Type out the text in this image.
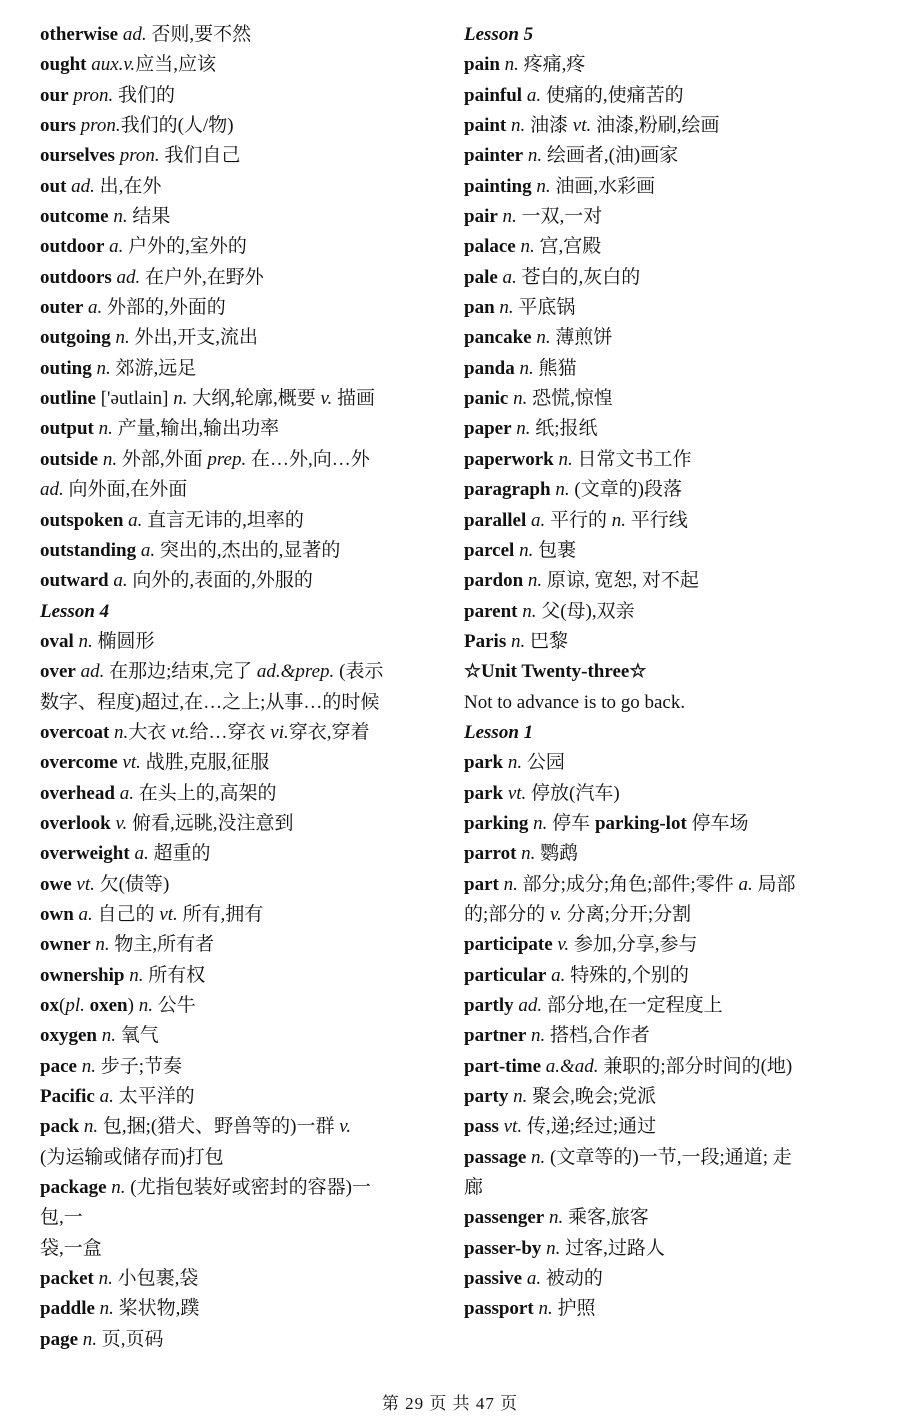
otherwise ad. 否则,要不然
ought aux.v.应当,应该
our pron. 我们的
ours pron.我们的(人/物)
ourselves pron. 我们自己
out ad. 出,在外
outcome n. 结果
outdoor a. 户外的,室外的
outdoors ad. 在户外,在野外
outer a. 外部的,外面的
outgoing n. 外出,开支,流出
outing n. 郊游,远足
outline ['əutlain] n. 大纲,轮廓,概要 v. 描画
output n. 产量,输出,输出功率
outside n. 外部,外面 prep. 在…外,向…外
ad. 向外面,在外面
outspoken a. 直言无讳的,坦率的
outstanding a. 突出的,杰出的,显著的
outward a. 向外的,表面的,外服的
Lesson 4
oval n. 椭圆形
over ad. 在那边;结束,完了 ad.&prep. (表示
数字、程度)超过,在…之上;从事…的时候
overcoat n.大衣 vt.给…穿衣 vi.穿衣,穿着
overcome vt. 战胜,克服,征服
overhead a. 在头上的,高架的
overlook v. 俯看,远眺,没注意到
overweight a. 超重的
owe vt. 欠(债等)
own a. 自己的 vt. 所有,拥有
owner n. 物主,所有者
ownership n. 所有权
ox(pl. oxen) n. 公牛
oxygen n. 氧气
pace n. 步子;节奏
Pacific a. 太平洋的
pack n. 包,捆;(猎犬、野兽等的)一群 v.
(为运输或储存而)打包
package n. (尤指包装好或密封的容器)一
包,一
袋,一盒
packet n. 小包裹,袋
paddle n. 桨状物,蹼
page n. 页,页码
Lesson 5
pain n. 疼痛,疼
painful a. 使痛的,使痛苦的
paint n. 油漆 vt. 油漆,粉刷,绘画
painter n. 绘画者,(油)画家
painting n. 油画,水彩画
pair n. 一双,一对
palace n. 宫,宫殿
pale a. 苍白的,灰白的
pan n. 平底锅
pancake n. 薄煎饼
panda n. 熊猫
panic n. 恐慌,惊惶
paper n. 纸;报纸
paperwork n. 日常文书工作
paragraph n. (文章的)段落
parallel a. 平行的 n. 平行线
parcel n. 包裹
pardon n. 原谅, 宽恕, 对不起
parent n. 父(母),双亲
Paris n. 巴黎
☆Unit Twenty-three☆
Not to advance is to go back.
Lesson 1
park n. 公园
park vt. 停放(汽车)
parking n. 停车 parking-lot 停车场
parrot n. 鹦鹉
part n. 部分;成分;角色;部件;零件 a. 局部
的;部分的 v. 分离;分开;分割
participate v. 参加,分享,参与
particular a. 特殊的,个别的
partly ad. 部分地,在一定程度上
partner n. 搭档,合作者
part-time a.&ad. 兼职的;部分时间的(地)
party n. 聚会,晚会;党派
pass vt. 传,递;经过;通过
passage n. (文章等的)一节,一段;通道; 走
廊
passenger n. 乘客,旅客
passer-by n. 过客,过路人
passive a. 被动的
passport n. 护照
第 29 页 共 47 页
